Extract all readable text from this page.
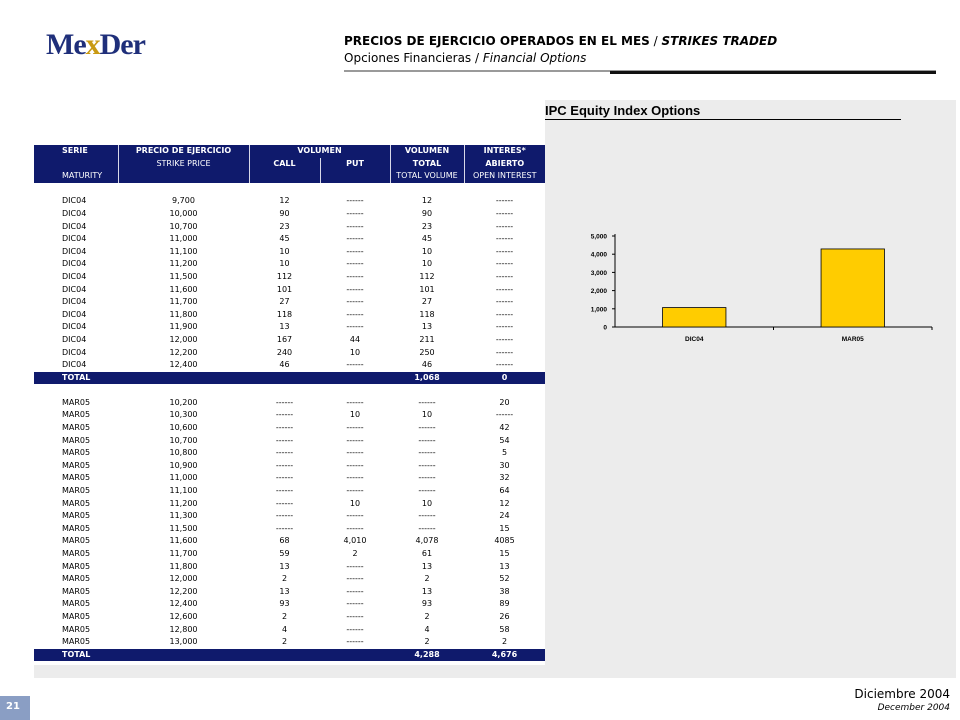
MexDer	PRECIOS DE EJERCICIO OPERADOS EN EL MES / STRIKES TRADED
Opciones Financieras / Financial Options
IPC Equity Index Options
SERIE	PRECIO DE EJERCICIO	VOLUMEN		VOLUMEN	INTERES*
	STRIKE PRICE	CALL	PUT	TOTAL	ABIERTO
MATURITY				TOTAL VOLUME	OPEN INTEREST

DIC04	9,700	12	------	12	------
DIC04	10,000	90	------	90	------
DIC04	10,700	23	------	23	------
DIC04	11,000	45	------	45	------
DIC04	11,100	10	------	10	------
DIC04	11,200	10	------	10	------
DIC04	11,500	112	------	112	------
DIC04	11,600	101	------	101	------
DIC04	11,700	27	------	27	------
DIC04	11,800	118	------	118	------
DIC04	11,900	13	------	13	------
DIC04	12,000	167	44	211	------
DIC04	12,200	240	10	250	------
DIC04	12,400	46	------	46	------
TOTAL				1,068	0

MAR05	10,200	------	------	------	20
MAR05	10,300	------	10	10	------
MAR05	10,600	------	------	------	42
MAR05	10,700	------	------	------	54
MAR05	10,800	------	------	------	5
MAR05	10,900	------	------	------	30
MAR05	11,000	------	------	------	32
MAR05	11,100	------	------	------	64
MAR05	11,200	------	10	10	12
MAR05	11,300	------	------	------	24
MAR05	11,500	------	------	------	15
MAR05	11,600	68	4,010	4,078	4085
MAR05	11,700	59	2	61	15
MAR05	11,800	13	------	13	13
MAR05	12,000	2	------	2	52
MAR05	12,200	13	------	13	38
MAR05	12,400	93	------	93	89
MAR05	12,600	2	------	2	26
MAR05	12,800	4	------	4	58
MAR05	13,000	2	------	2	2
TOTAL				4,288	4,676
0
1,000
2,000
3,000
4,000
5,000
DIC04	MAR05
Diciembre 2004
December 2004
21
